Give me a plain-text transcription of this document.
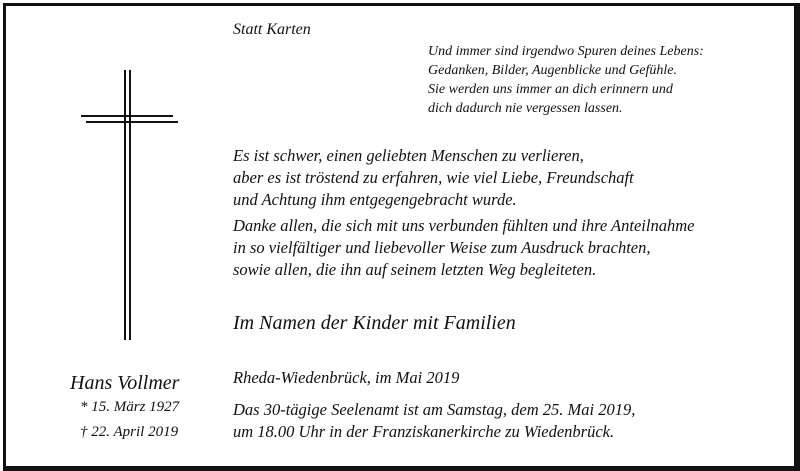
Statt Karten

Und immer sind irgendwo Spuren deines Lebens:
Gedanken, Bilder, Augenblicke und Gefühle.
Sie werden uns immer an dich erinnern und
dich dadurch nie vergessen lassen.
Es ist schwer, einen geliebten Menschen zu verlieren,
aber es ist tröstend zu erfahren, wie viel Liebe, Freundschaft
und Achtung ihm entgegengebracht wurde.
Danke allen, die sich mit uns verbunden fühlten und ihre Anteilnahme
in so vielfältiger und liebevoller Weise zum Ausdruck brachten,
sowie allen, die ihn auf seinem letzten Weg begleiteten.

Im Namen der Kinder mit Familien

Rheda-Wiedenbrück, im Mai 2019

Das 30-tägige Seelenamt ist am Samstag, dem 25. Mai 2019,
um 18.00 Uhr in der Franziskanerkirche zu Wiedenbrück.

Hans Vollmer

* 15. März 1927

† 22. April 2019
